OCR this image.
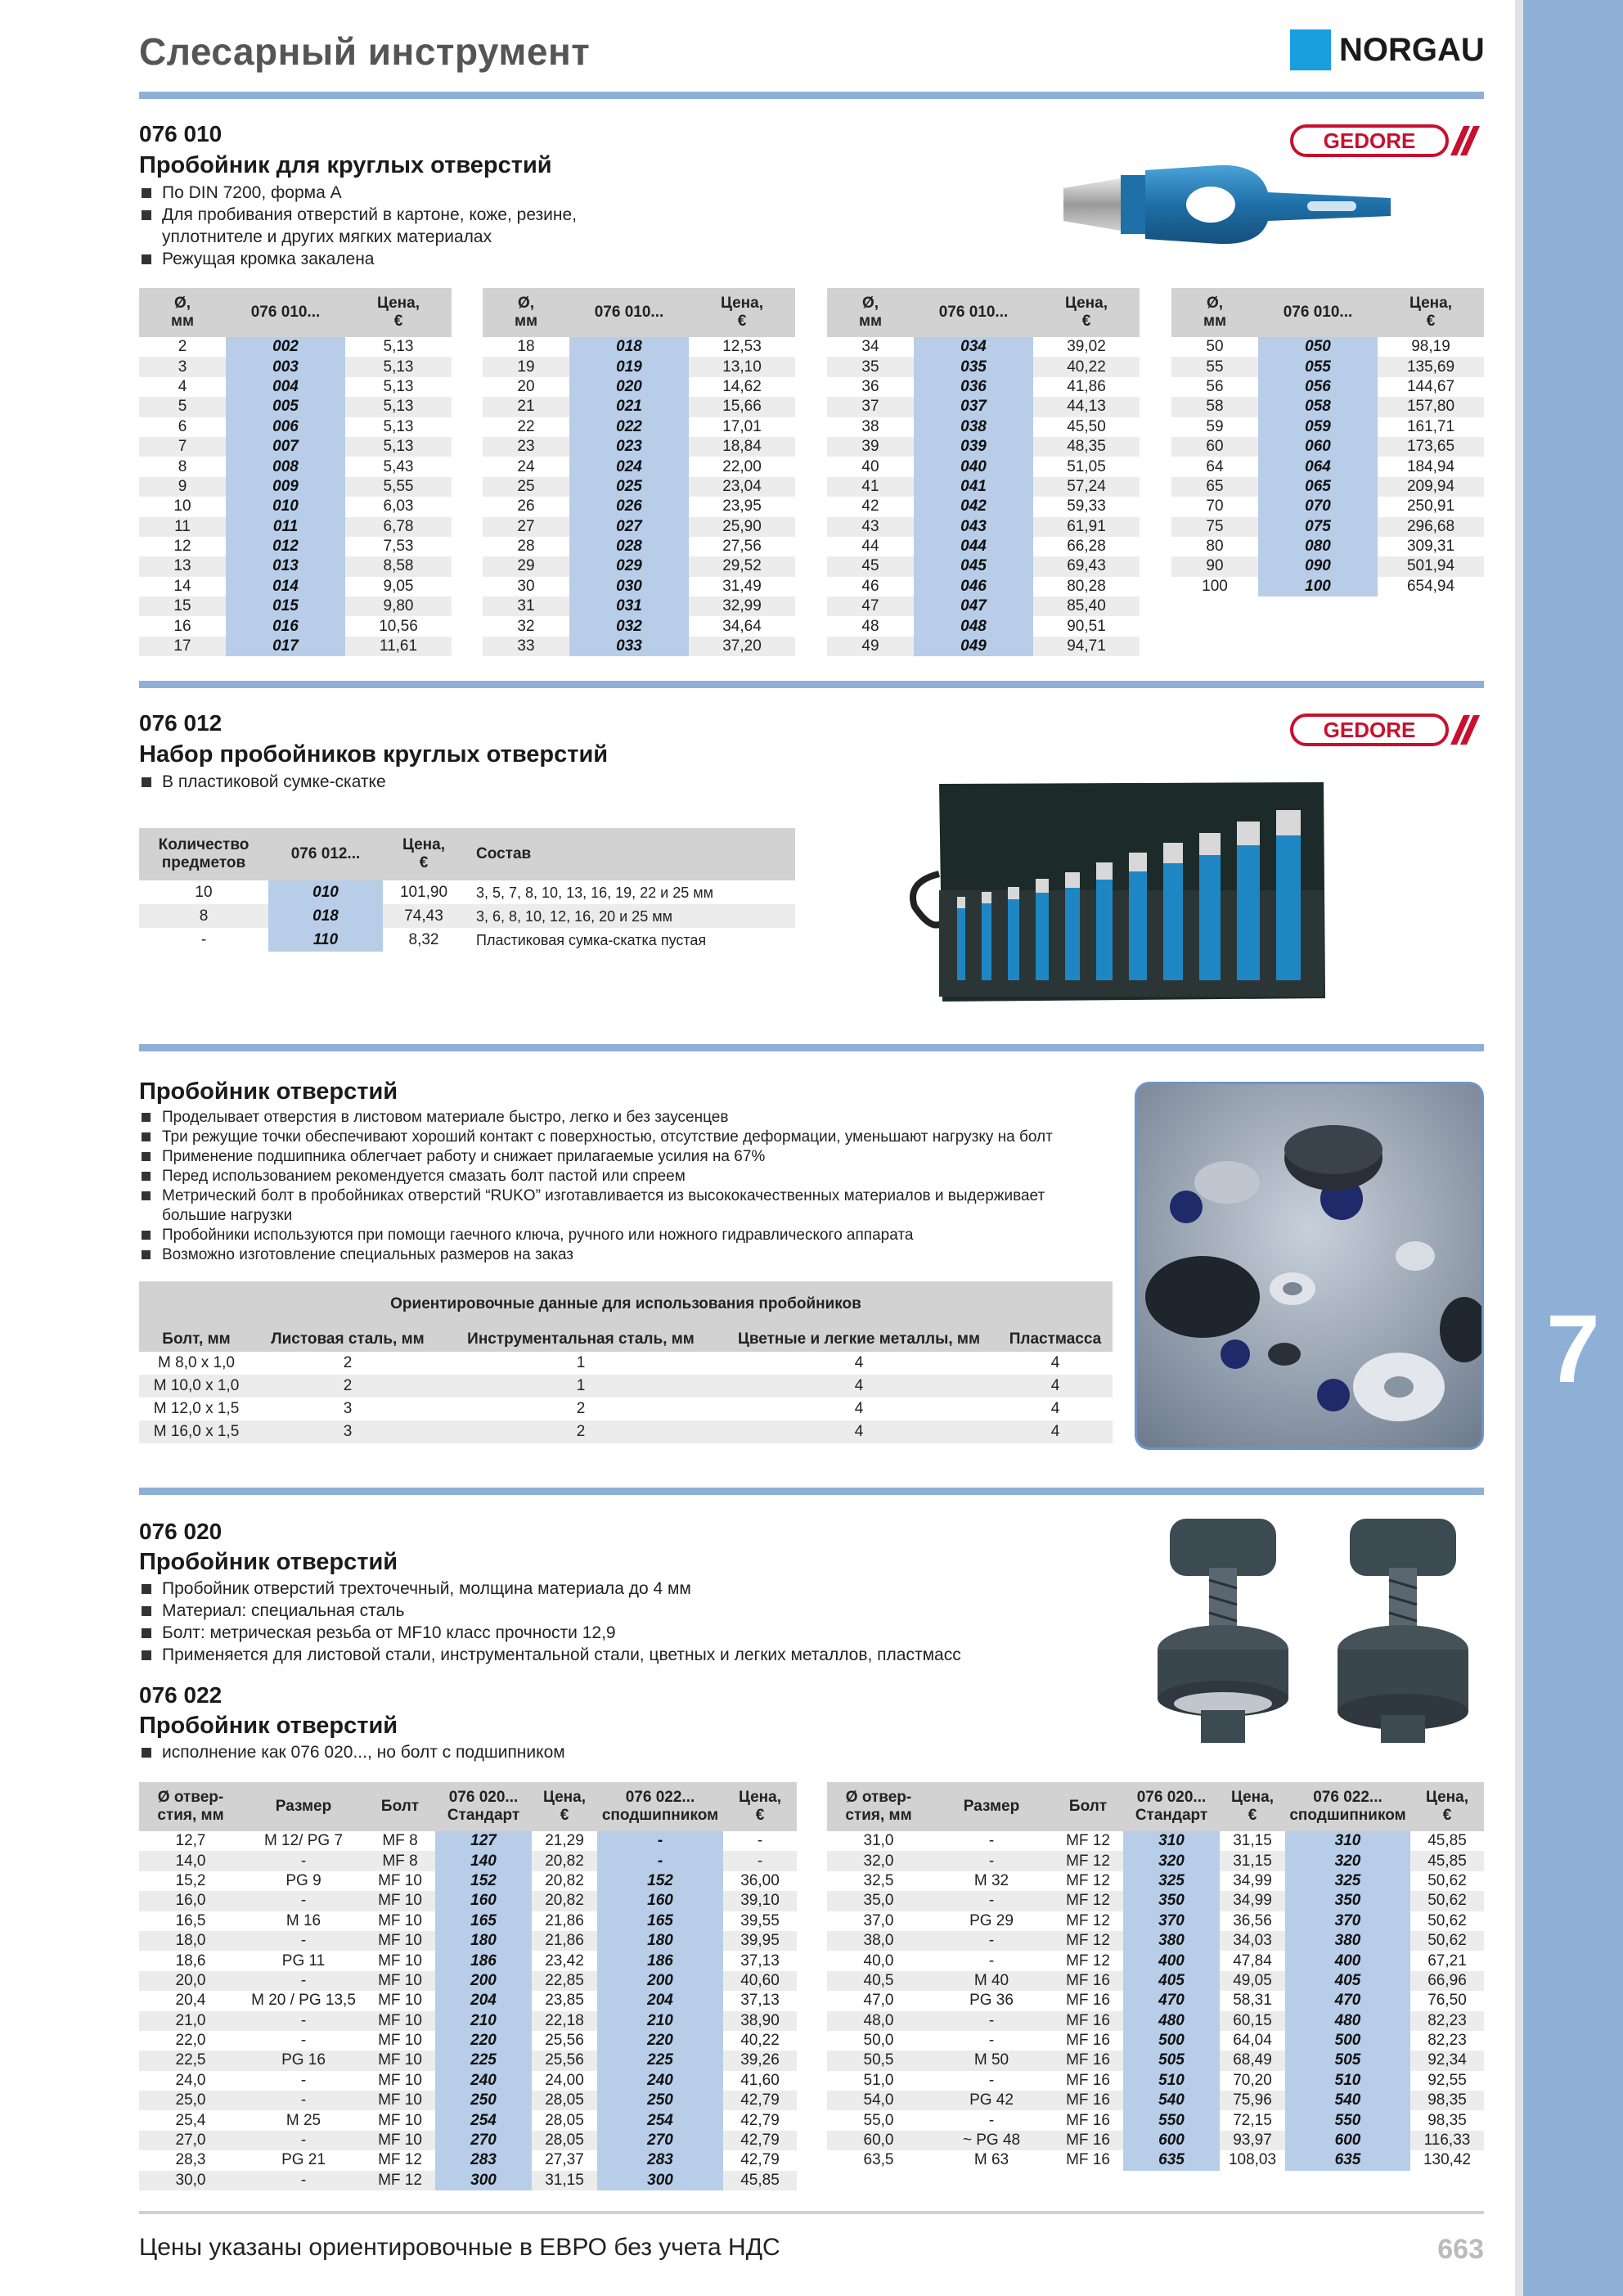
7
Слесарный инструмент	NORGAU
076 010
Пробойник для круглых отверстий
По DIN 7200, форма А
Для пробивания отверстий в картоне, коже, резине, уплотнителе и других мягких материалах
Режущая кромка закалена
GEDORE
Ø,
мм	076 010...	Цена,
€
2	002	5,13
3	003	5,13
4	004	5,13
5	005	5,13
6	006	5,13
7	007	5,13
8	008	5,43
9	009	5,55
10	010	6,03
11	011	6,78
12	012	7,53
13	013	8,58
14	014	9,05
15	015	9,80
16	016	10,56
17	017	11,61
Ø,
мм	076 010...	Цена,
€
18	018	12,53
19	019	13,10
20	020	14,62
21	021	15,66
22	022	17,01
23	023	18,84
24	024	22,00
25	025	23,04
26	026	23,95
27	027	25,90
28	028	27,56
29	029	29,52
30	030	31,49
31	031	32,99
32	032	34,64
33	033	37,20
Ø,
мм	076 010...	Цена,
€
34	034	39,02
35	035	40,22
36	036	41,86
37	037	44,13
38	038	45,50
39	039	48,35
40	040	51,05
41	041	57,24
42	042	59,33
43	043	61,91
44	044	66,28
45	045	69,43
46	046	80,28
47	047	85,40
48	048	90,51
49	049	94,71
Ø,
мм	076 010...	Цена,
€
50	050	98,19
55	055	135,69
56	056	144,67
58	058	157,80
59	059	161,71
60	060	173,65
64	064	184,94
65	065	209,94
70	070	250,91
75	075	296,68
80	080	309,31
90	090	501,94
100	100	654,94
076 012
Набор пробойников круглых отверстий
В пластиковой сумке-скатке
GEDORE
Количество
предметов	076 012...	Цена,
€	Состав
10	010	101,90	3, 5, 7, 8, 10, 13, 16, 19, 22 и 25 мм
8	018	74,43	3, 6, 8, 10, 12, 16, 20 и 25 мм
-	110	8,32	Пластиковая сумка-скатка пустая
Пробойник отверстий
Проделывает отверстия в листовом материале быстро, легко и без заусенцев
Три режущие точки обеспечивают хороший контакт с поверхностью, отсутствие деформации, уменьшают нагрузку на болт
Применение подшипника облегчает работу и снижает прилагаемые усилия на 67%
Перед использованием рекомендуется смазать болт пастой или спреем
Метрический болт в пробойниках отверстий “RUKO” изготавливается из высококачественных материалов и выдерживает большие нагрузки
Пробойники используются при помощи гаечного ключа, ручного или ножного гидравлического аппарата
Возможно изготовление специальных размеров на заказ
Ориентировочные данные для использования пробойников				
Болт, мм	Листовая сталь, мм	Инструментальная сталь, мм	Цветные и легкие металлы, мм	Пластмасса
M 8,0 x 1,0	2	1	4	4
M 10,0 x 1,0	2	1	4	4
M 12,0 x 1,5	3	2	4	4
M 16,0 x 1,5	3	2	4	4
076 020
Пробойник отверстий
Пробойник отверстий трехточечный, молщина материала до 4 мм
Материал: специальная сталь
Болт: метрическая резьба от MF10 класс прочности 12,9
Применяется для листовой стали, инструментальной стали, цветных и легких металлов, пластмасс
076 022
Пробойник отверстий
исполнение как 076 020..., но болт с подшипником
Ø отвер-
стия, мм	Размер	Болт	076 020...
Стандарт	Цена,
€	076 022...
сподшипником	Цена,
€
12,7	M 12/ PG 7	MF 8	127	21,29	-	-
14,0	-	MF 8	140	20,82	-	-
15,2	PG 9	MF 10	152	20,82	152	36,00
16,0	-	MF 10	160	20,82	160	39,10
16,5	M 16	MF 10	165	21,86	165	39,55
18,0	-	MF 10	180	21,86	180	39,95
18,6	PG 11	MF 10	186	23,42	186	37,13
20,0	-	MF 10	200	22,85	200	40,60
20,4	M 20 / PG 13,5	MF 10	204	23,85	204	37,13
21,0	-	MF 10	210	22,18	210	38,90
22,0	-	MF 10	220	25,56	220	40,22
22,5	PG 16	MF 10	225	25,56	225	39,26
24,0	-	MF 10	240	24,00	240	41,60
25,0	-	MF 10	250	28,05	250	42,79
25,4	M 25	MF 10	254	28,05	254	42,79
27,0	-	MF 10	270	28,05	270	42,79
28,3	PG 21	MF 12	283	27,37	283	42,79
30,0	-	MF 12	300	31,15	300	45,85
Ø отвер-
стия, мм	Размер	Болт	076 020...
Стандарт	Цена,
€	076 022...
сподшипником	Цена,
€
31,0	-	MF 12	310	31,15	310	45,85
32,0	-	MF 12	320	31,15	320	45,85
32,5	M 32	MF 12	325	34,99	325	50,62
35,0	-	MF 12	350	34,99	350	50,62
37,0	PG 29	MF 12	370	36,56	370	50,62
38,0	-	MF 12	380	34,03	380	50,62
40,0	-	MF 12	400	47,84	400	67,21
40,5	M 40	MF 16	405	49,05	405	66,96
47,0	PG 36	MF 16	470	58,31	470	76,50
48,0	-	MF 16	480	60,15	480	82,23
50,0	-	MF 16	500	64,04	500	82,23
50,5	M 50	MF 16	505	68,49	505	92,34
51,0	-	MF 16	510	70,20	510	92,55
54,0	PG 42	MF 16	540	75,96	540	98,35
55,0	-	MF 16	550	72,15	550	98,35
60,0	~ PG 48	MF 16	600	93,97	600	116,33
63,5	M 63	MF 16	635	108,03	635	130,42
Цены указаны ориентировочные в ЕВРО без учета НДС	663
